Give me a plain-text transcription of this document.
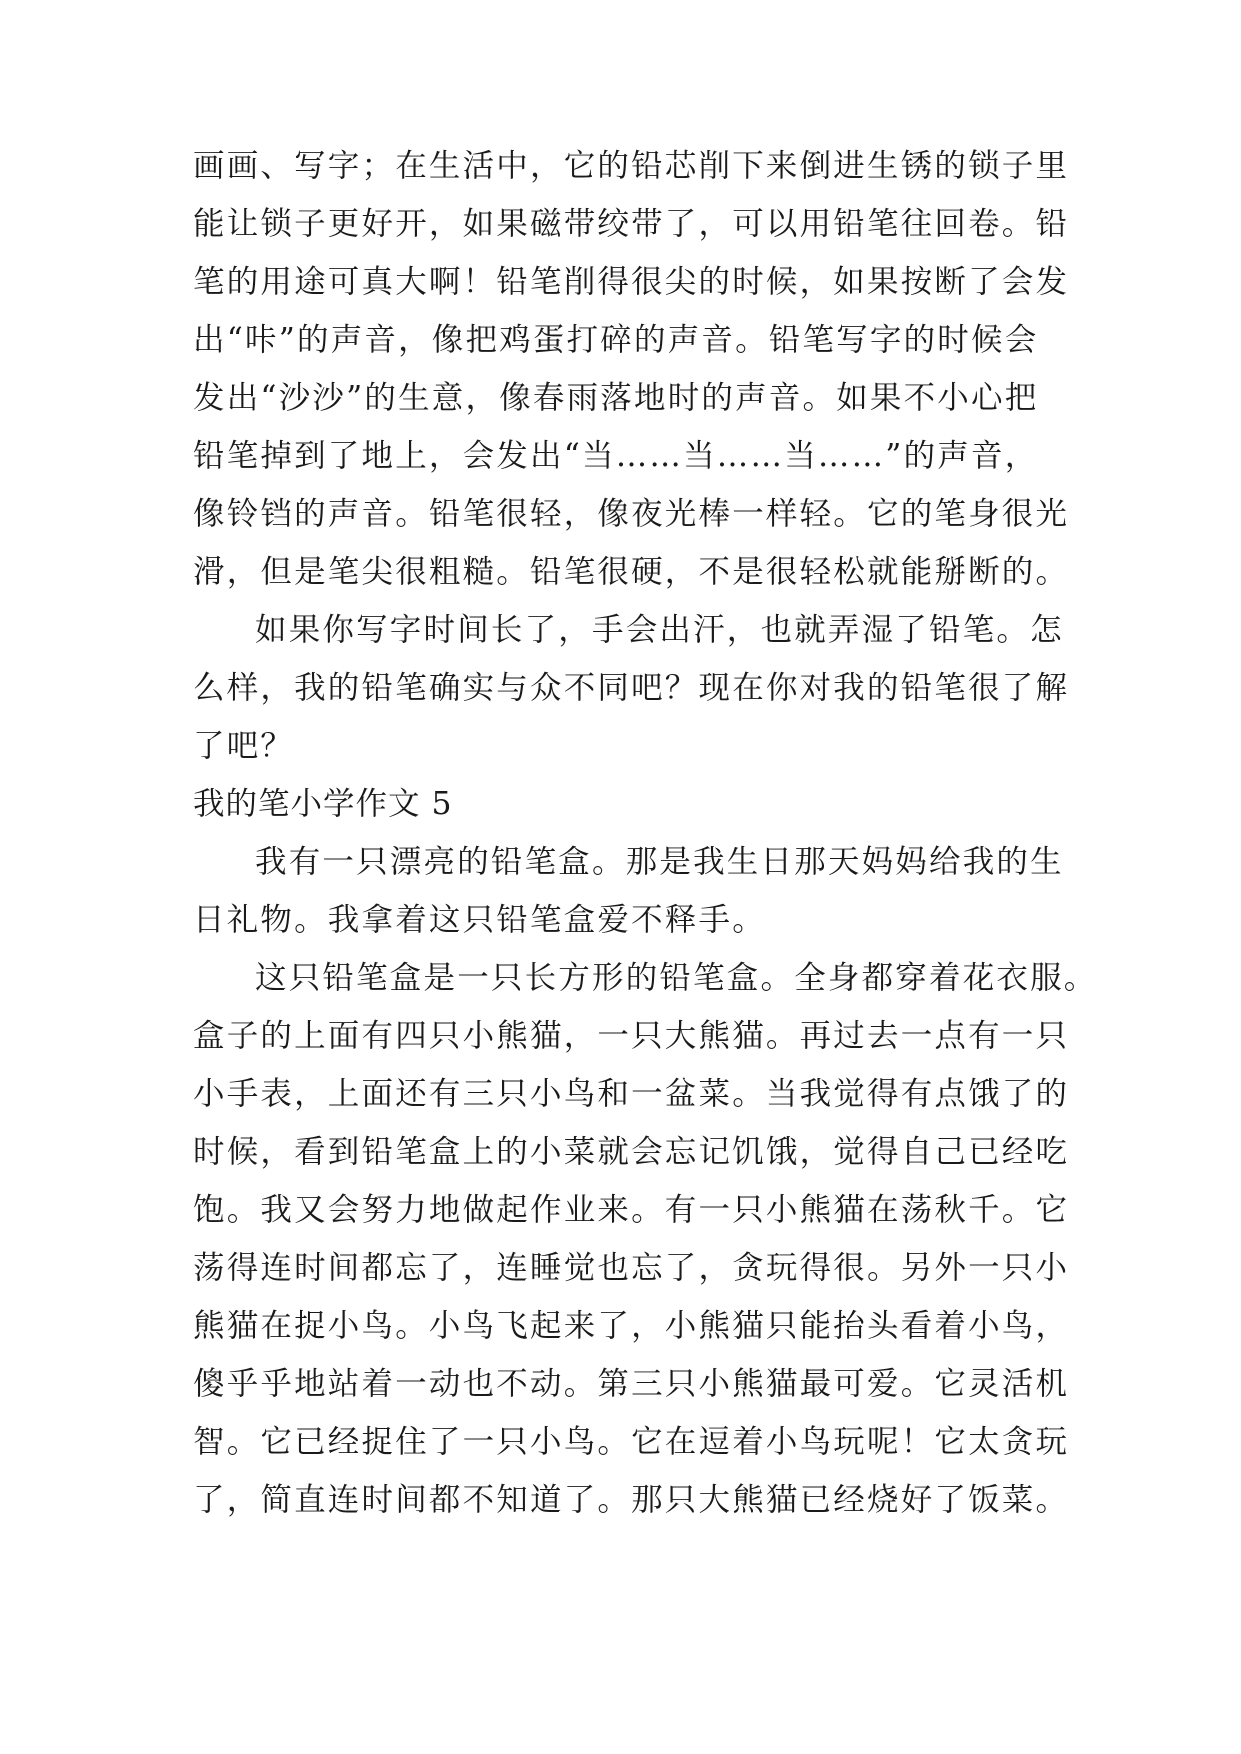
画画、写字；在生活中，它的铅芯削下来倒进生锈的锁子里
能让锁子更好开，如果磁带绞带了，可以用铅笔往回卷。铅
笔的用途可真大啊！铅笔削得很尖的时候，如果按断了会发
出“咔”的声音，像把鸡蛋打碎的声音。铅笔写字的时候会
发出“沙沙”的生意，像春雨落地时的声音。如果不小心把
铅笔掉到了地上，会发出“当……当……当……”的声音，
像铃铛的声音。铅笔很轻，像夜光棒一样轻。它的笔身很光
滑，但是笔尖很粗糙。铅笔很硬，不是很轻松就能掰断的。
如果你写字时间长了，手会出汗，也就弄湿了铅笔。怎
么样，我的铅笔确实与众不同吧？现在你对我的铅笔很了解
了吧？
我的笔小学作文 5
我有一只漂亮的铅笔盒。那是我生日那天妈妈给我的生
日礼物。我拿着这只铅笔盒爱不释手。
这只铅笔盒是一只长方形的铅笔盒。全身都穿着花衣服。
盒子的上面有四只小熊猫，一只大熊猫。再过去一点有一只
小手表，上面还有三只小鸟和一盆菜。当我觉得有点饿了的
时候，看到铅笔盒上的小菜就会忘记饥饿，觉得自己已经吃
饱。我又会努力地做起作业来。有一只小熊猫在荡秋千。它
荡得连时间都忘了，连睡觉也忘了，贪玩得很。另外一只小
熊猫在捉小鸟。小鸟飞起来了，小熊猫只能抬头看着小鸟，
傻乎乎地站着一动也不动。第三只小熊猫最可爱。它灵活机
智。它已经捉住了一只小鸟。它在逗着小鸟玩呢！它太贪玩
了，简直连时间都不知道了。那只大熊猫已经烧好了饭菜。
